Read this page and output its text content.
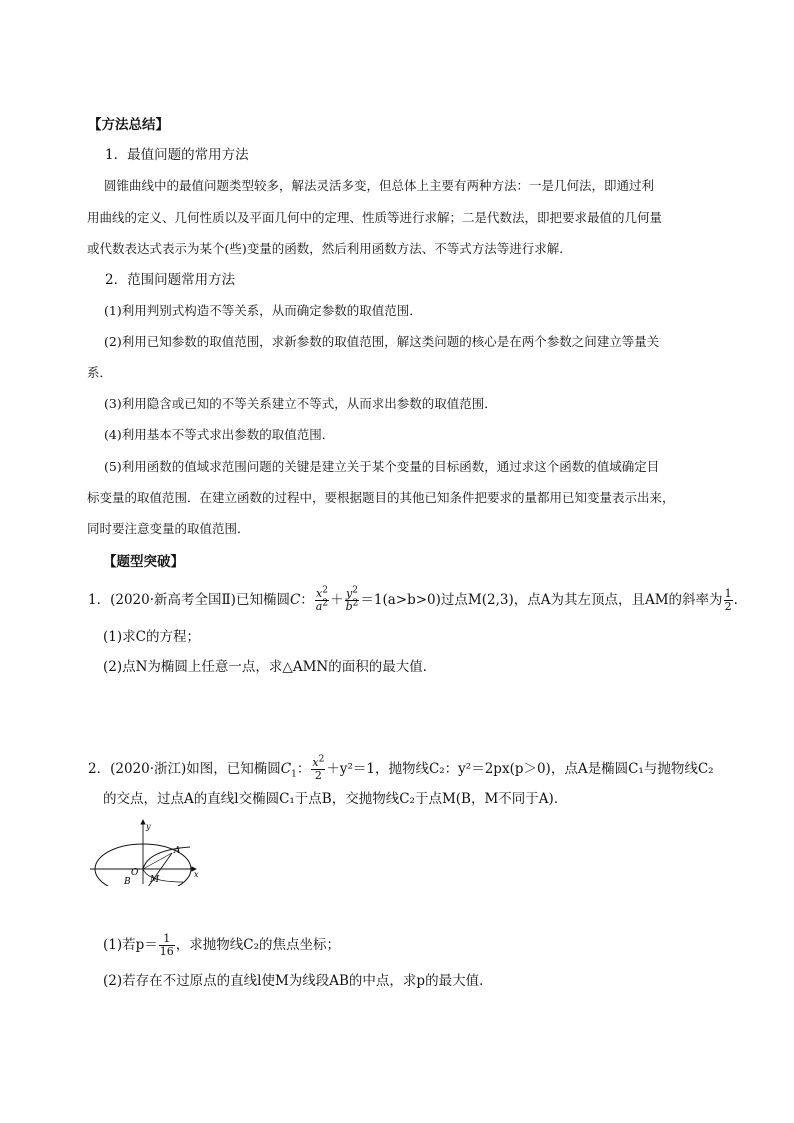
【方法总结】
1．最值问题的常用方法
圆锥曲线中的最值问题类型较多，解法灵活多变，但总体上主要有两种方法：一是几何法，即通过利
用曲线的定义、几何性质以及平面几何中的定理、性质等进行求解；二是代数法，即把要求最值的几何量
或代数表达式表示为某个(些)变量的函数，然后利用函数方法、不等式方法等进行求解．
2．范围问题常用方法
(1)利用判别式构造不等关系，从而确定参数的取值范围．
(2)利用已知参数的取值范围，求新参数的取值范围，解这类问题的核心是在两个参数之间建立等量关
系．
(3)利用隐含或已知的不等关系建立不等式，从而求出参数的取值范围．
(4)利用基本不等式求出参数的取值范围．
(5)利用函数的值域求范围问题的关键是建立关于某个变量的目标函数，通过求这个函数的值域确定目
标变量的取值范围．在建立函数的过程中，要根据题目的其他已知条件把要求的量都用已知变量表示出来，
同时要注意变量的取值范围．
【题型突破】
1．(2020·新高考全国Ⅱ)已知椭圆C： $\frac{x^2}{a^2} + \frac{y^2}{b^2} =1(a>b>0)$过点M(2,3)，点A为其左顶点，且AM的斜率为 $\frac{1}{2}$ .
(1)求C的方程；
(2)点N为椭圆上任意一点，求△AMN的面积的最大值．
2．(2020·浙江)如图，已知椭圆$C_1$： $\frac{x^2}{2} +y^2=1$，抛物线C₂：y²＝2px(p＞0)，点A是椭圆C₁与抛物线C₂
的交点，过点A的直线l交椭圆C₁于点B，交抛物线C₂于点M(B，M不同于A)．
y
x
O
A
M
B
(1)若$p= \frac{1}{16}$ ，求抛物线C₂的焦点坐标；
(2)若存在不过原点的直线l使M为线段AB的中点，求p的最大值．
